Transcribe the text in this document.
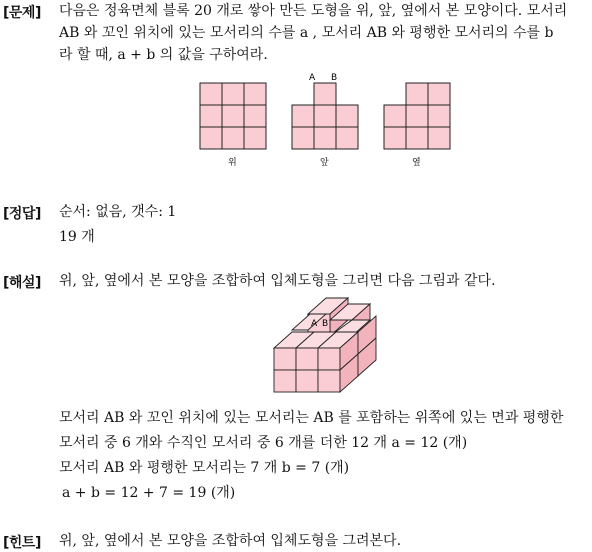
[문제] 다음은 정육면체 블록 20 개로 쌓아 만든 도형을 위, 앞, 옆에서 본 모양이다. 모서리
AB 와 꼬인 위치에 있는 모서리의 수를 a , 모서리 AB 와 평행한 모서리의 수를 b
라 할 때, a + b 의 값을 구하여라.
A B
위	앞	옆
[정답] 순서: 없음, 갯수: 1
19 개
[해설] 위, 앞, 옆에서 본 모양을 조합하여 입체도형을 그리면 다음 그림과 같다.
A B
모서리 AB 와 꼬인 위치에 있는 모서리는 AB 를 포함하는 위쪽에 있는 면과 평행한
모서리 중 6 개와 수직인 모서리 중 6 개를 더한 12 개 a = 12 (개)
모서리 AB 와 평행한 모서리는 7 개 b = 7 (개)
a + b = 12 + 7 = 19 (개)
[힌트] 위, 앞, 옆에서 본 모양을 조합하여 입체도형을 그려본다.
